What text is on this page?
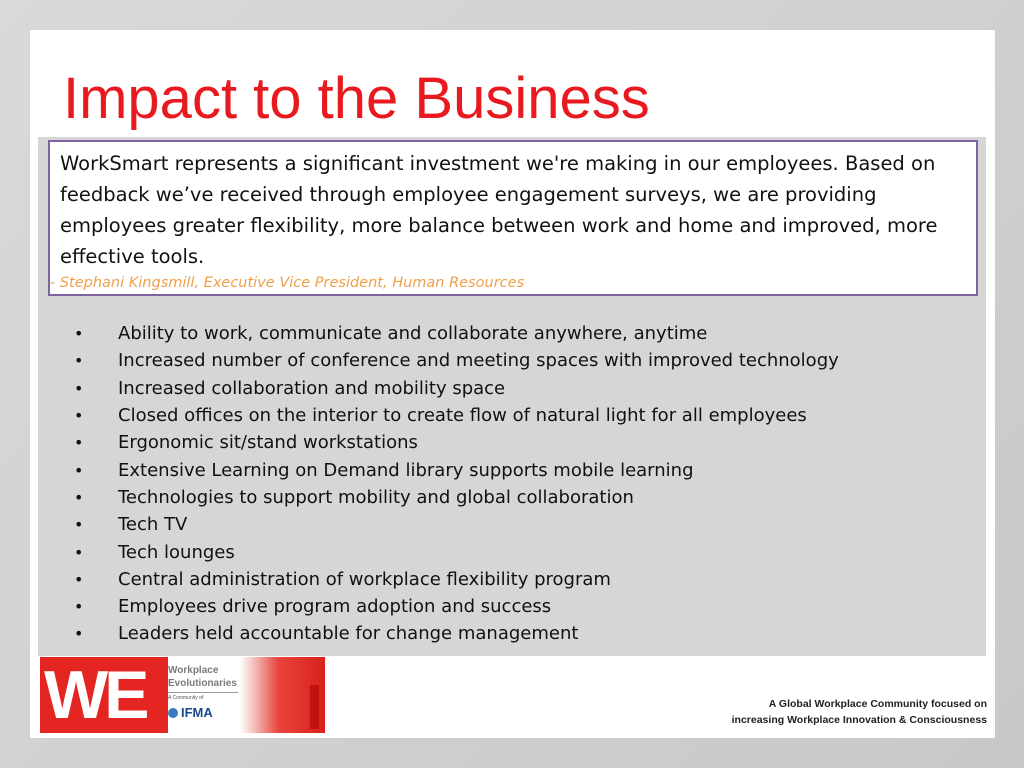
Impact to the Business

WorkSmart represents a significant investment we're making in our employees. Based on feedback we’ve received through employee engagement surveys, we are providing employees greater flexibility, more balance between work and home and improved, more effective tools.

- Stephani Kingsmill, Executive Vice President, Human Resources

•	Ability to work, communicate and collaborate anywhere, anytime
•	Increased number of conference and meeting spaces with improved technology
•	Increased collaboration and mobility space
•	Closed offices on the interior to create flow of natural light for all employees
•	Ergonomic sit/stand workstations
•	Extensive Learning on Demand library supports mobile learning
•	Technologies to support mobility and global collaboration
•	Tech TV
•	Tech lounges
•	Central administration of workplace flexibility program
•	Employees drive program adoption and success
•	Leaders held accountable for change management
WE	Workplace
Evolutionaries
A Community of
IFMA
A Global Workplace Community focused on
increasing Workplace Innovation & Consciousness
